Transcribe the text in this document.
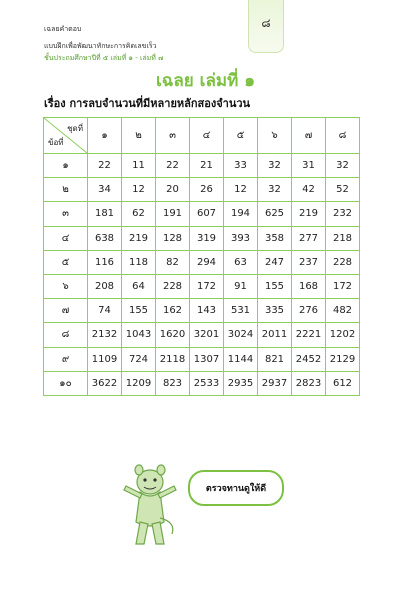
เฉลยคำตอบ
แบบฝึกเพื่อพัฒนาทักษะการคิดเลขเร็ว
ชั้นประถมศึกษาปีที่ ๕ เล่มที่ ๑ - เล่มที่ ๗
๘
เฉลย เล่มที่ ๑
เรื่อง การลบจำนวนที่มีหลายหลักสองจำนวน
ชุดที่
ข้อที่	๑	๒	๓	๔	๕	๖	๗	๘
๑	22	11	22	21	33	32	31	32
๒	34	12	20	26	12	32	42	52
๓	181	62	191	607	194	625	219	232
๔	638	219	128	319	393	358	277	218
๕	116	118	82	294	63	247	237	228
๖	208	64	228	172	91	155	168	172
๗	74	155	162	143	531	335	276	482
๘	2132	1043	1620	3201	3024	2011	2221	1202
๙	1109	724	2118	1307	1144	821	2452	2129
๑๐	3622	1209	823	2533	2935	2937	2823	612
ตรวจทานดูให้ดี
